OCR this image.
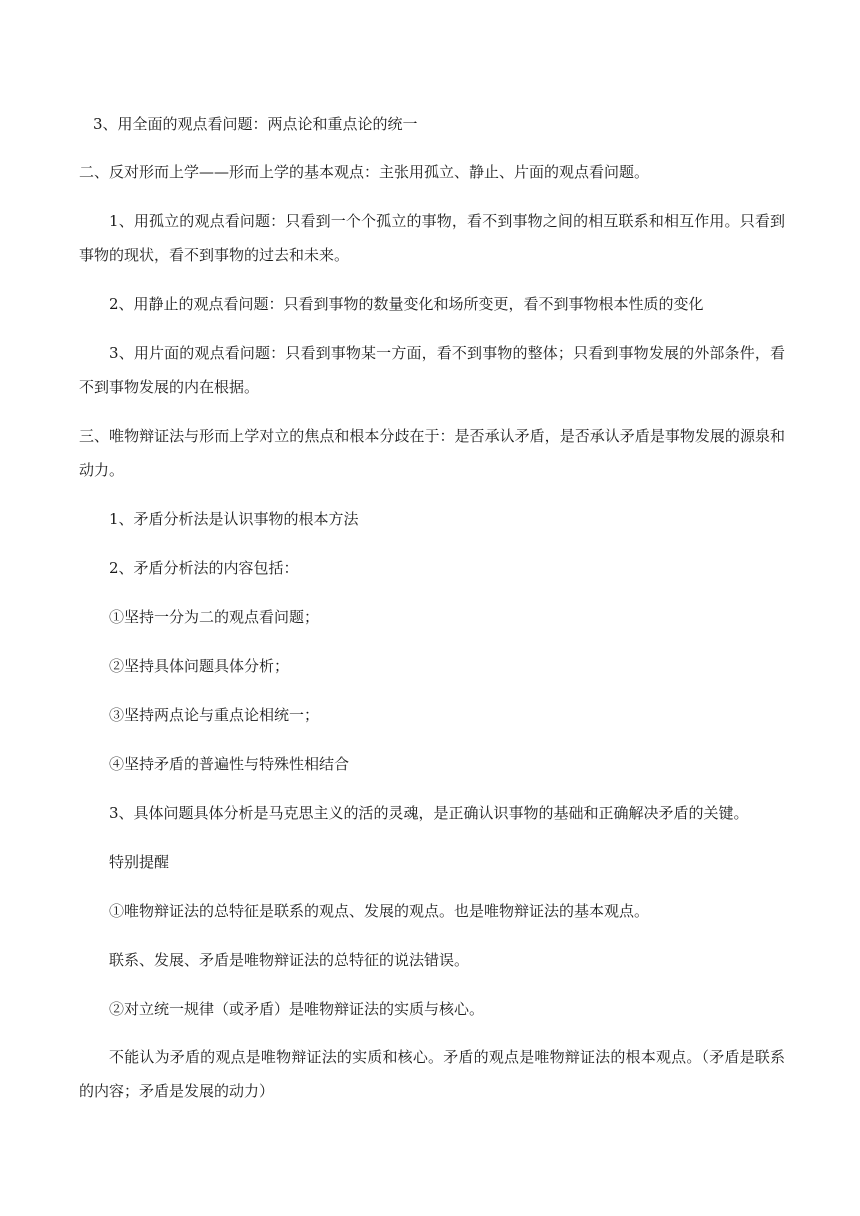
3、用全面的观点看问题：两点论和重点论的统一

二、反对形而上学——形而上学的基本观点：主张用孤立、静止、片面的观点看问题。

1、用孤立的观点看问题：只看到一个个孤立的事物，看不到事物之间的相互联系和相互作用。只看到事物的现状，看不到事物的过去和未来。

2、用静止的观点看问题：只看到事物的数量变化和场所变更，看不到事物根本性质的变化

3、用片面的观点看问题：只看到事物某一方面，看不到事物的整体；只看到事物发展的外部条件，看不到事物发展的内在根据。

三、唯物辩证法与形而上学对立的焦点和根本分歧在于：是否承认矛盾，是否承认矛盾是事物发展的源泉和动力。

1、矛盾分析法是认识事物的根本方法

2、矛盾分析法的内容包括：

①坚持一分为二的观点看问题；

②坚持具体问题具体分析；

③坚持两点论与重点论相统一；

④坚持矛盾的普遍性与特殊性相结合

3、具体问题具体分析是马克思主义的活的灵魂，是正确认识事物的基础和正确解决矛盾的关键。

特别提醒

①唯物辩证法的总特征是联系的观点、发展的观点。也是唯物辩证法的基本观点。

联系、发展、矛盾是唯物辩证法的总特征的说法错误。

②对立统一规律（或矛盾）是唯物辩证法的实质与核心。

不能认为矛盾的观点是唯物辩证法的实质和核心。矛盾的观点是唯物辩证法的根本观点。（矛盾是联系的内容；矛盾是发展的动力）
